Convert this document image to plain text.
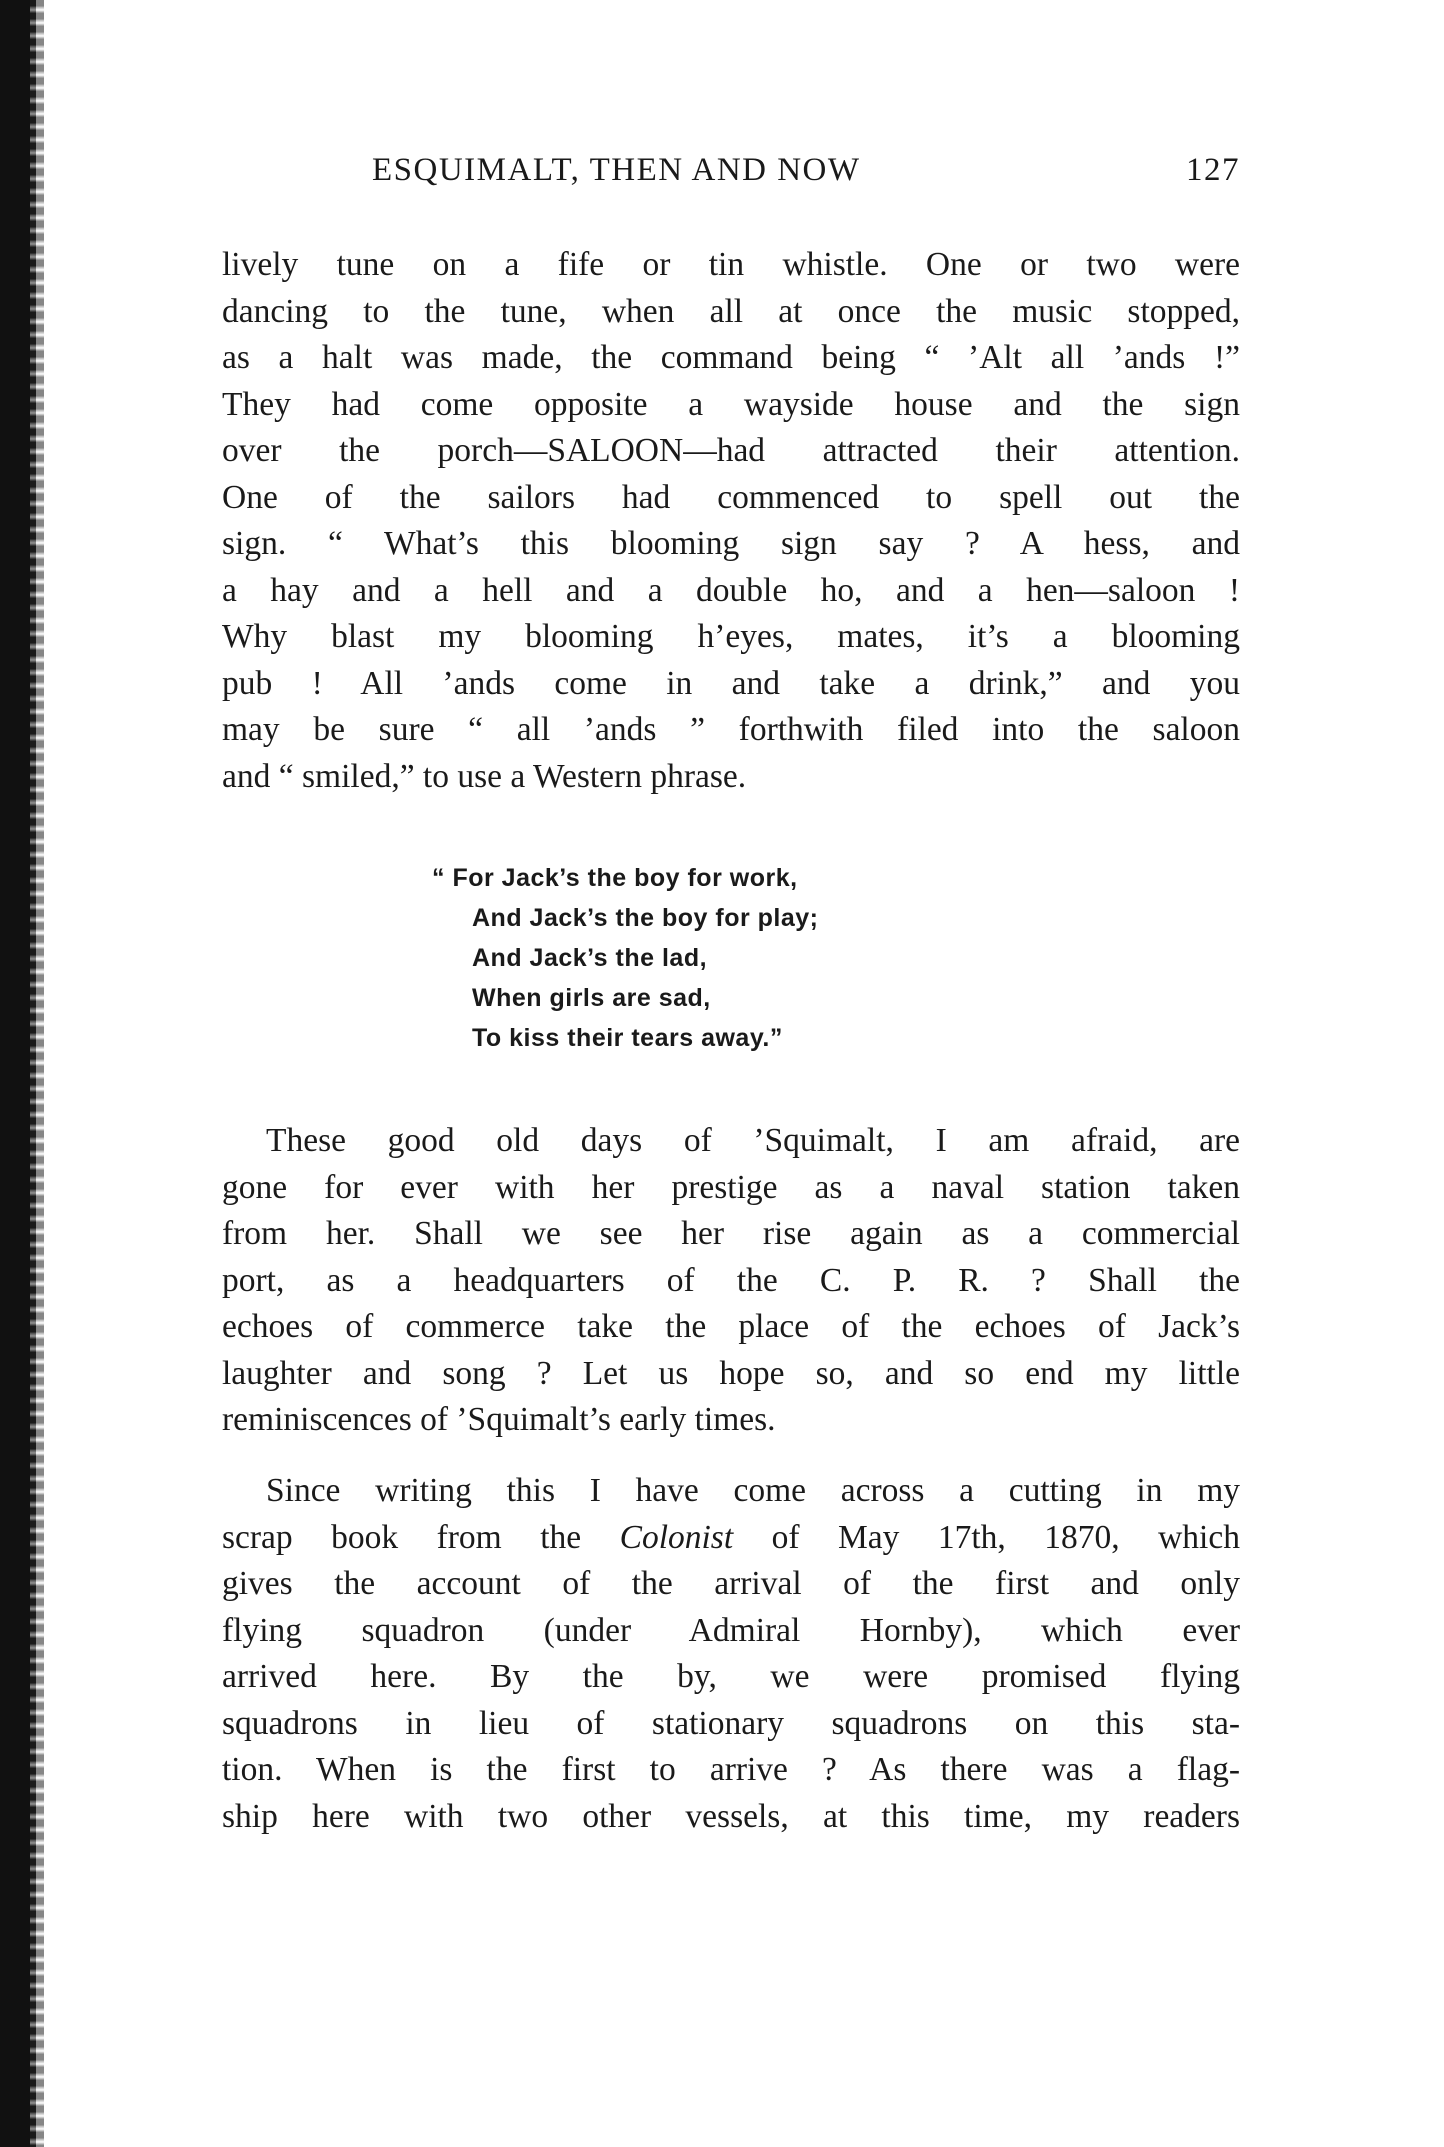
ESQUIMALT, THEN AND NOW	127

lively tune on a fife or tin whistle. One or two were
dancing to the tune, when all at once the music stopped,
as a halt was made, the command being “ ’Alt all ’ands !”
They had come opposite a wayside house and the sign
over the porch—SALOON—had attracted their attention.
One of the sailors had commenced to spell out the
sign. “ What’s this blooming sign say ? A hess, and
a hay and a hell and a double ho, and a hen—saloon !
Why blast my blooming h’eyes, mates, it’s a blooming
pub ! All ’ands come in and take a drink,” and you
may be sure “ all ’ands ” forthwith filed into the saloon
and “ smiled,” to use a Western phrase.

“ For Jack’s the boy for work,
And Jack’s the boy for play;
And Jack’s the lad,
When girls are sad,
To kiss their tears away.”

These good old days of ’Squimalt, I am afraid, are
gone for ever with her prestige as a naval station taken
from her. Shall we see her rise again as a commercial
port, as a headquarters of the C. P. R. ? Shall the
echoes of commerce take the place of the echoes of Jack’s
laughter and song ? Let us hope so, and so end my little
reminiscences of ’Squimalt’s early times.

Since writing this I have come across a cutting in my
scrap book from the Colonist of May 17th, 1870, which
gives the account of the arrival of the first and only
flying squadron (under Admiral Hornby), which ever
arrived here. By the by, we were promised flying
squadrons in lieu of stationary squadrons on this sta-
tion. When is the first to arrive ? As there was a flag-
ship here with two other vessels, at this time, my readers
